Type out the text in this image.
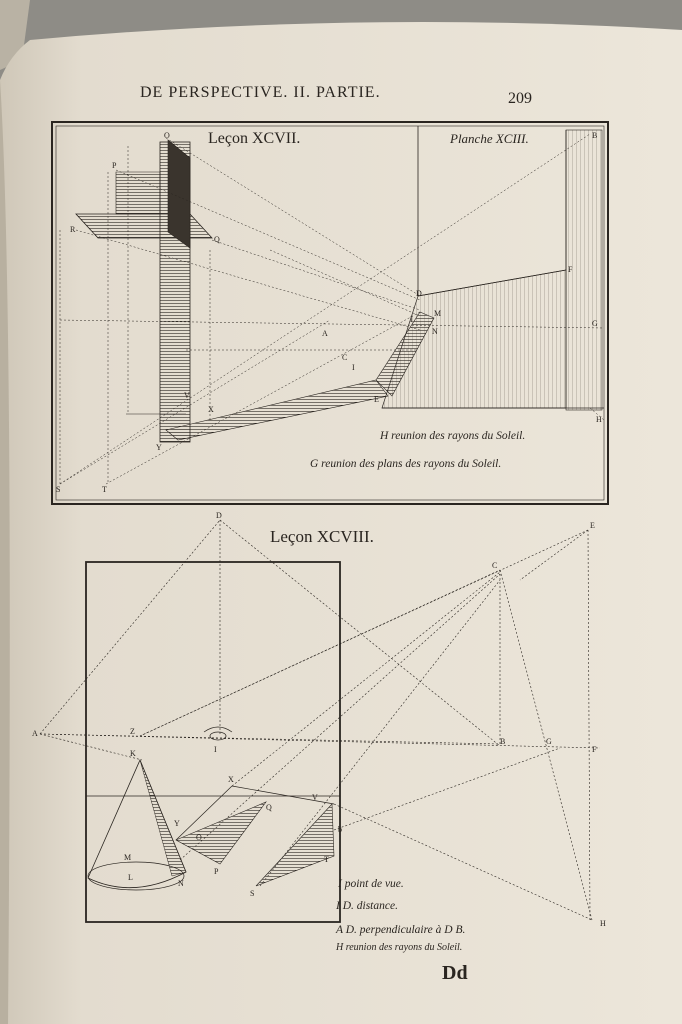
O
P
R
Q
D
M
L
N
A
C
I
E
F
G
H
B
V
X
Y
S	T
D
E
C
A	Z
I
B	G
F
K
X
V
Y
O
Q
M
L
N
P
S
T
b
H
DE PERSPECTIVE. II. PARTIE.	209
Leçon XCVII.	Planche XCIII.
H reunion des rayons du Soleil.
G reunion des plans des rayons du Soleil.
Leçon XCVIII.
I point de vue.
I D. distance.
A D. perpendiculaire à D B.
H reunion des rayons du Soleil.
Dd
